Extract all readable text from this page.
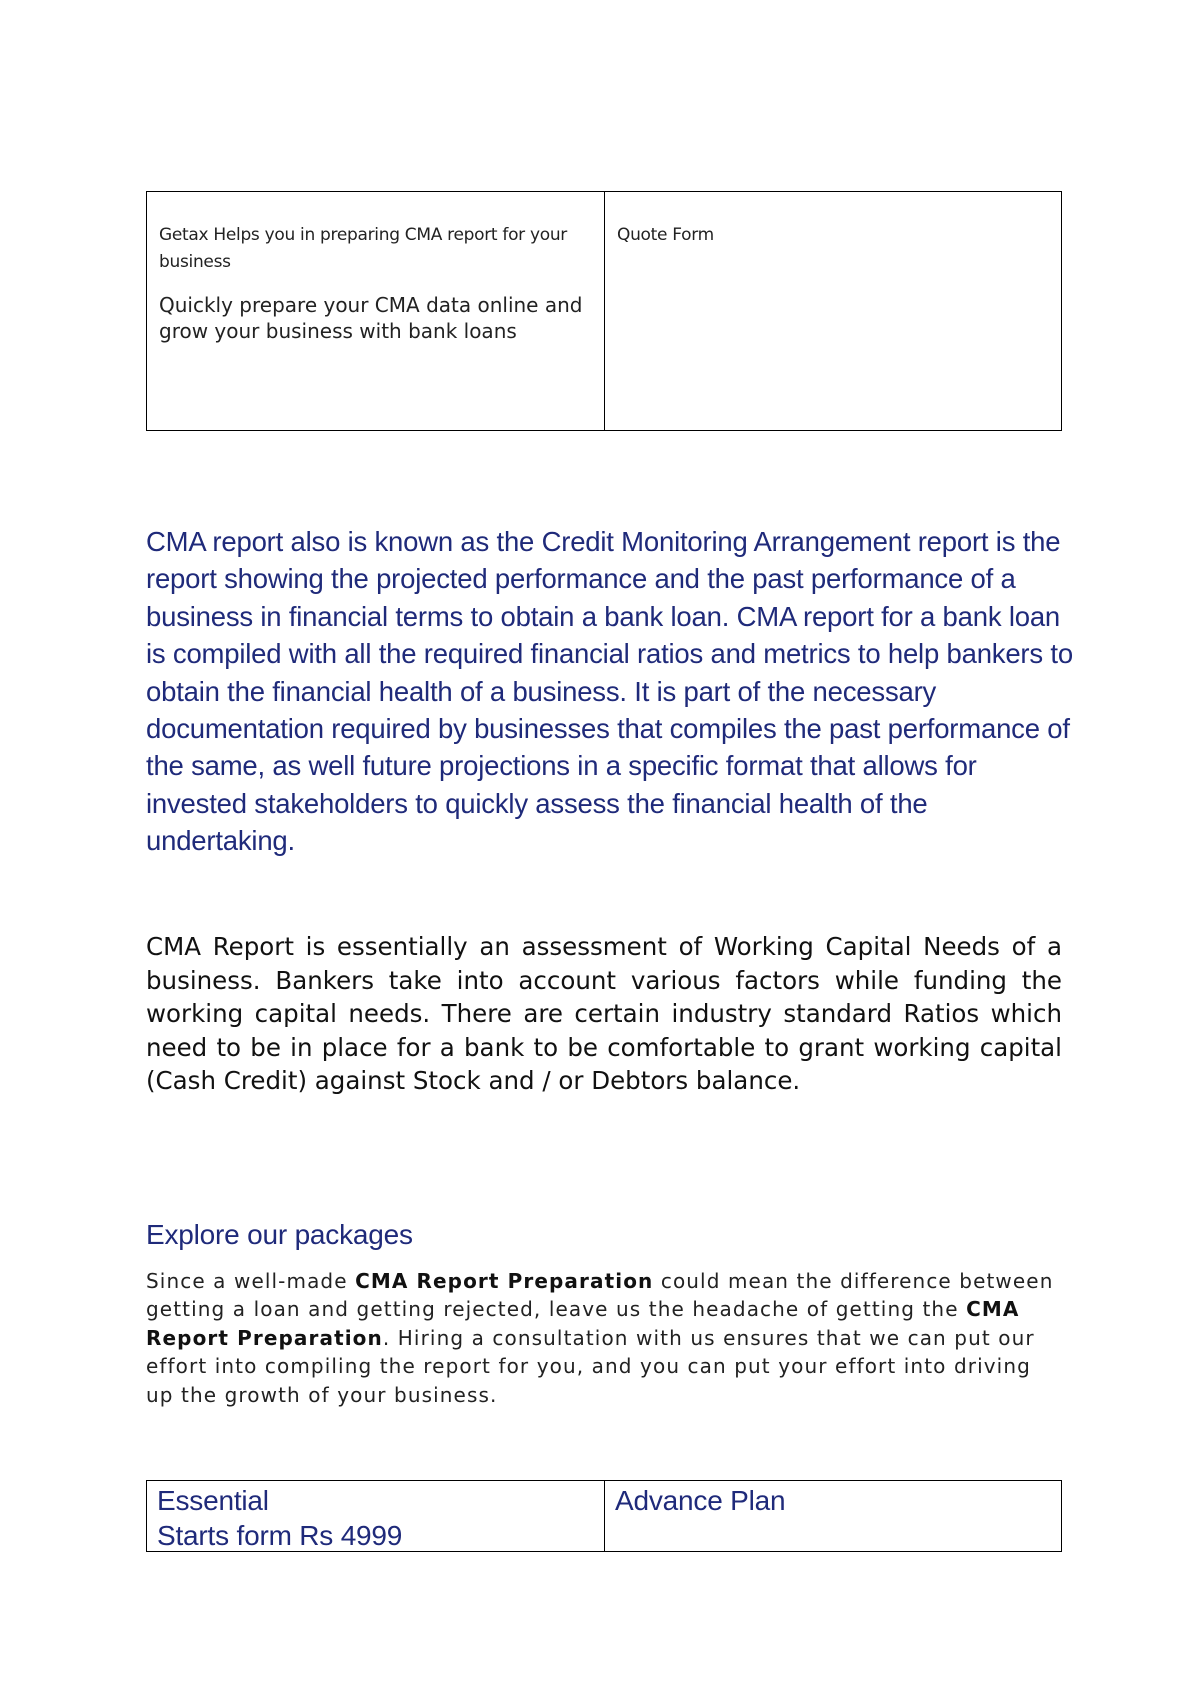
Getax Helps you in preparing CMA report for your business
Quickly prepare your CMA data online and grow your business with bank loans
Quote Form
CMA report also is known as the Credit Monitoring Arrangement report is the report showing the projected performance and the past performance of a business in financial terms to obtain a bank loan. CMA report for a bank loan is compiled with all the required financial ratios and metrics to help bankers to obtain the financial health of a business. It is part of the necessary documentation required by businesses that compiles the past performance of the same, as well future projections in a specific format that allows for invested stakeholders to quickly assess the financial health of the undertaking.
CMA Report is essentially an assessment of Working Capital Needs of a business. Bankers take into account various factors while funding the working capital needs. There are certain industry standard Ratios which need to be in place for a bank to be comfortable to grant working capital (Cash Credit) against Stock and / or Debtors balance.
Explore our packages
Since a well-made CMA Report Preparation could mean the difference between getting a loan and getting rejected, leave us the headache of getting the CMA Report Preparation. Hiring a consultation with us ensures that we can put our effort into compiling the report for you, and you can put your effort into driving up the growth of your business.
Essential
Starts form Rs 4999
Advance Plan
